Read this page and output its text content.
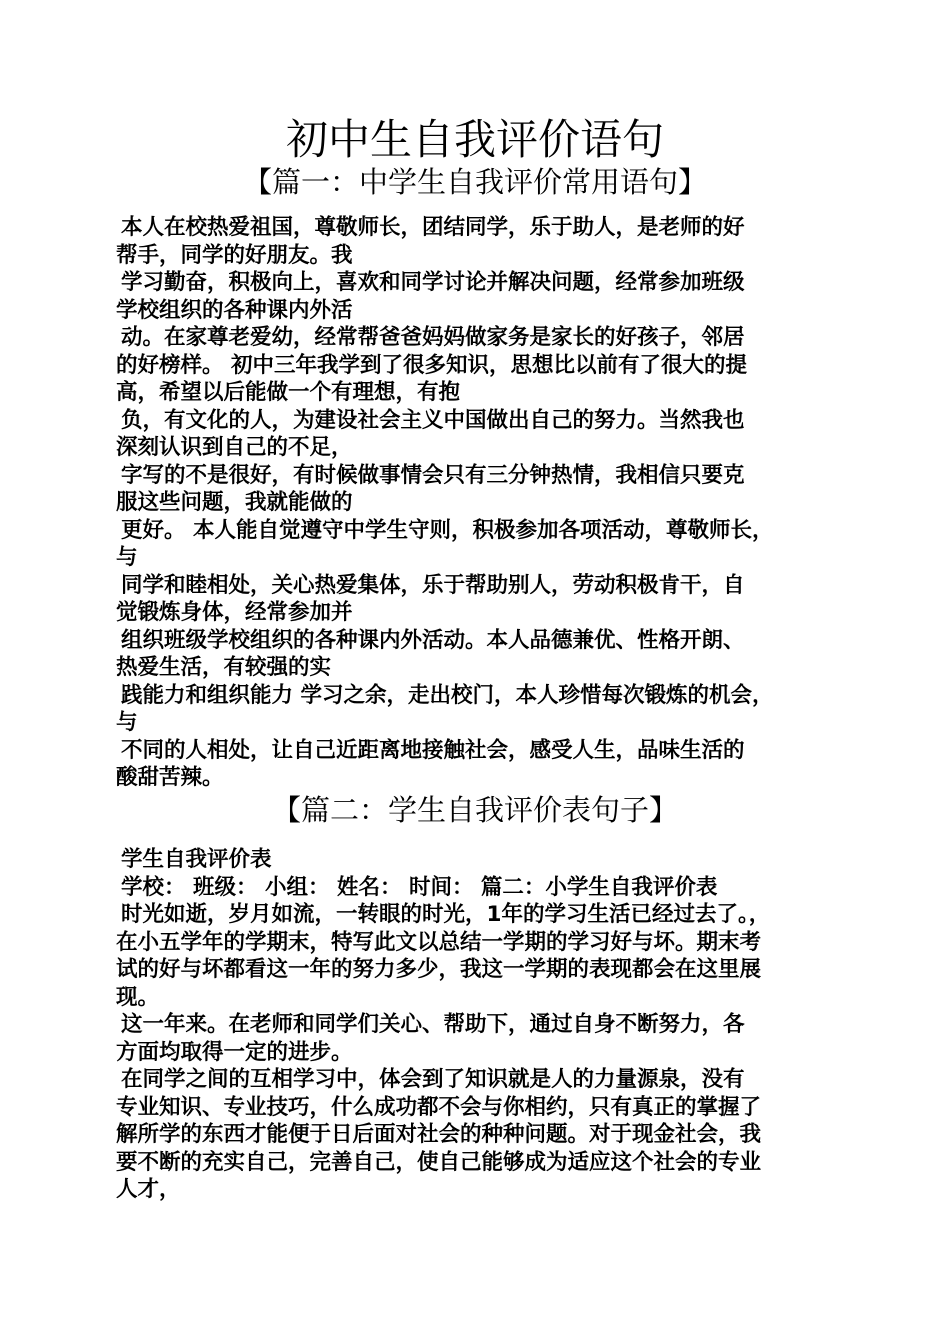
初中生自我评价语句
【篇一：中学生自我评价常用语句】
本人在校热爱祖国，尊敬师长，团结同学，乐于助人，是老师的好
帮手，同学的好朋友。我
学习勤奋，积极向上，喜欢和同学讨论并解决问题，经常参加班级
学校组织的各种课内外活
动。在家尊老爱幼，经常帮爸爸妈妈做家务是家长的好孩子，邻居
的好榜样。 初中三年我学到了很多知识，思想比以前有了很大的提
高，希望以后能做一个有理想，有抱
负，有文化的人，为建设社会主义中国做出自己的努力。当然我也
深刻认识到自己的不足，
字写的不是很好，有时候做事情会只有三分钟热情，我相信只要克
服这些问题，我就能做的
更好。 本人能自觉遵守中学生守则，积极参加各项活动，尊敬师长，
与
同学和睦相处，关心热爱集体，乐于帮助别人，劳动积极肯干，自
觉锻炼身体，经常参加并
组织班级学校组织的各种课内外活动。本人品德兼优、性格开朗、
热爱生活，有较强的实
践能力和组织能力 学习之余，走出校门，本人珍惜每次锻炼的机会，
与
不同的人相处，让自己近距离地接触社会，感受人生，品味生活的
酸甜苦辣。
【篇二：学生自我评价表句子】
学生自我评价表
学校： 班级： 小组： 姓名： 时间： 篇二：小学生自我评价表
时光如逝，岁月如流，一转眼的时光，1年的学习生活已经过去了。，
在小五学年的学期末，特写此文以总结一学期的学习好与坏。期末考
试的好与坏都看这一年的努力多少，我这一学期的表现都会在这里展
现。
这一年来。在老师和同学们关心、帮助下，通过自身不断努力，各
方面均取得一定的进步。
在同学之间的互相学习中，体会到了知识就是人的力量源泉，没有
专业知识、专业技巧，什么成功都不会与你相约，只有真正的掌握了
解所学的东西才能便于日后面对社会的种种问题。对于现金社会，我
要不断的充实自己，完善自己，使自己能够成为适应这个社会的专业
人才，
